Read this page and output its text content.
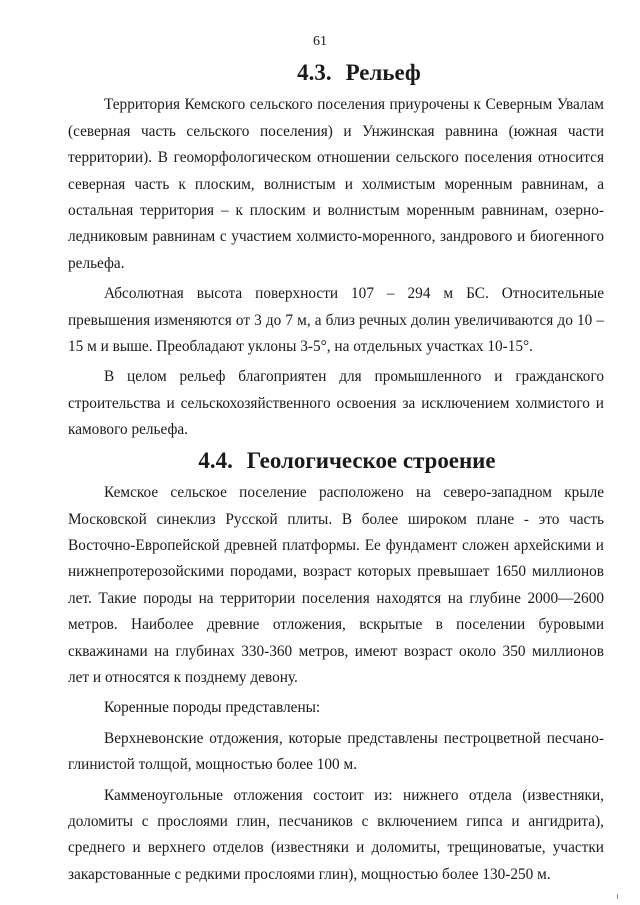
61
4.3. Рельеф

Территория Кемского сельского поселения приурочены к Северным Увалам (северная часть сельского поселения) и Унжинская равнина (южная части территории). В геоморфологическом отношении сельского поселения относится северная часть к плоским, волнистым и холмистым моренным равнинам, а остальная территория – к плоским и волнистым моренным равнинам, озерно-ледниковым равнинам с участием холмисто-моренного, зандрового и биогенного рельефа.

Абсолютная высота поверхности 107 – 294 м БС. Относительные превышения изменяются от 3 до 7 м, а близ речных долин увеличиваются до 10 – 15 м и выше. Преобладают уклоны 3-5°, на отдельных участках 10-15°.

В целом рельеф благоприятен для промышленного и гражданского строительства и сельскохозяйственного освоения за исключением холмистого и камового рельефа.

4.4. Геологическое строение

Кемское сельское поселение расположено на северо-западном крыле Московской синеклиз Русской плиты. В более широком плане - это часть Восточно-Европейской древней платформы. Ее фундамент сложен архейскими и нижнепротерозойскими породами, возраст которых превышает 1650 миллионов лет. Такие породы на территории поселения находятся на глубине 2000—2600 метров. Наиболее древние отложения, вскрытые в поселении буровыми скважинами на глубинах 330-360 метров, имеют возраст около 350 миллионов лет и относятся к позднему девону.

Коренные породы представлены:

Верхневонские отдожения, которые представлены пестроцветной песчано-глинистой толщой, мощностью более 100 м.

Камменоугольные отложения состоит из: нижнего отдела (известняки, доломиты с прослоями глин, песчаников с включением гипса и ангидрита), среднего и верхнего отделов (известняки и доломиты, трещиноватые, участки закарстованные с редкими прослоями глин), мощностью более 130-250 м.
